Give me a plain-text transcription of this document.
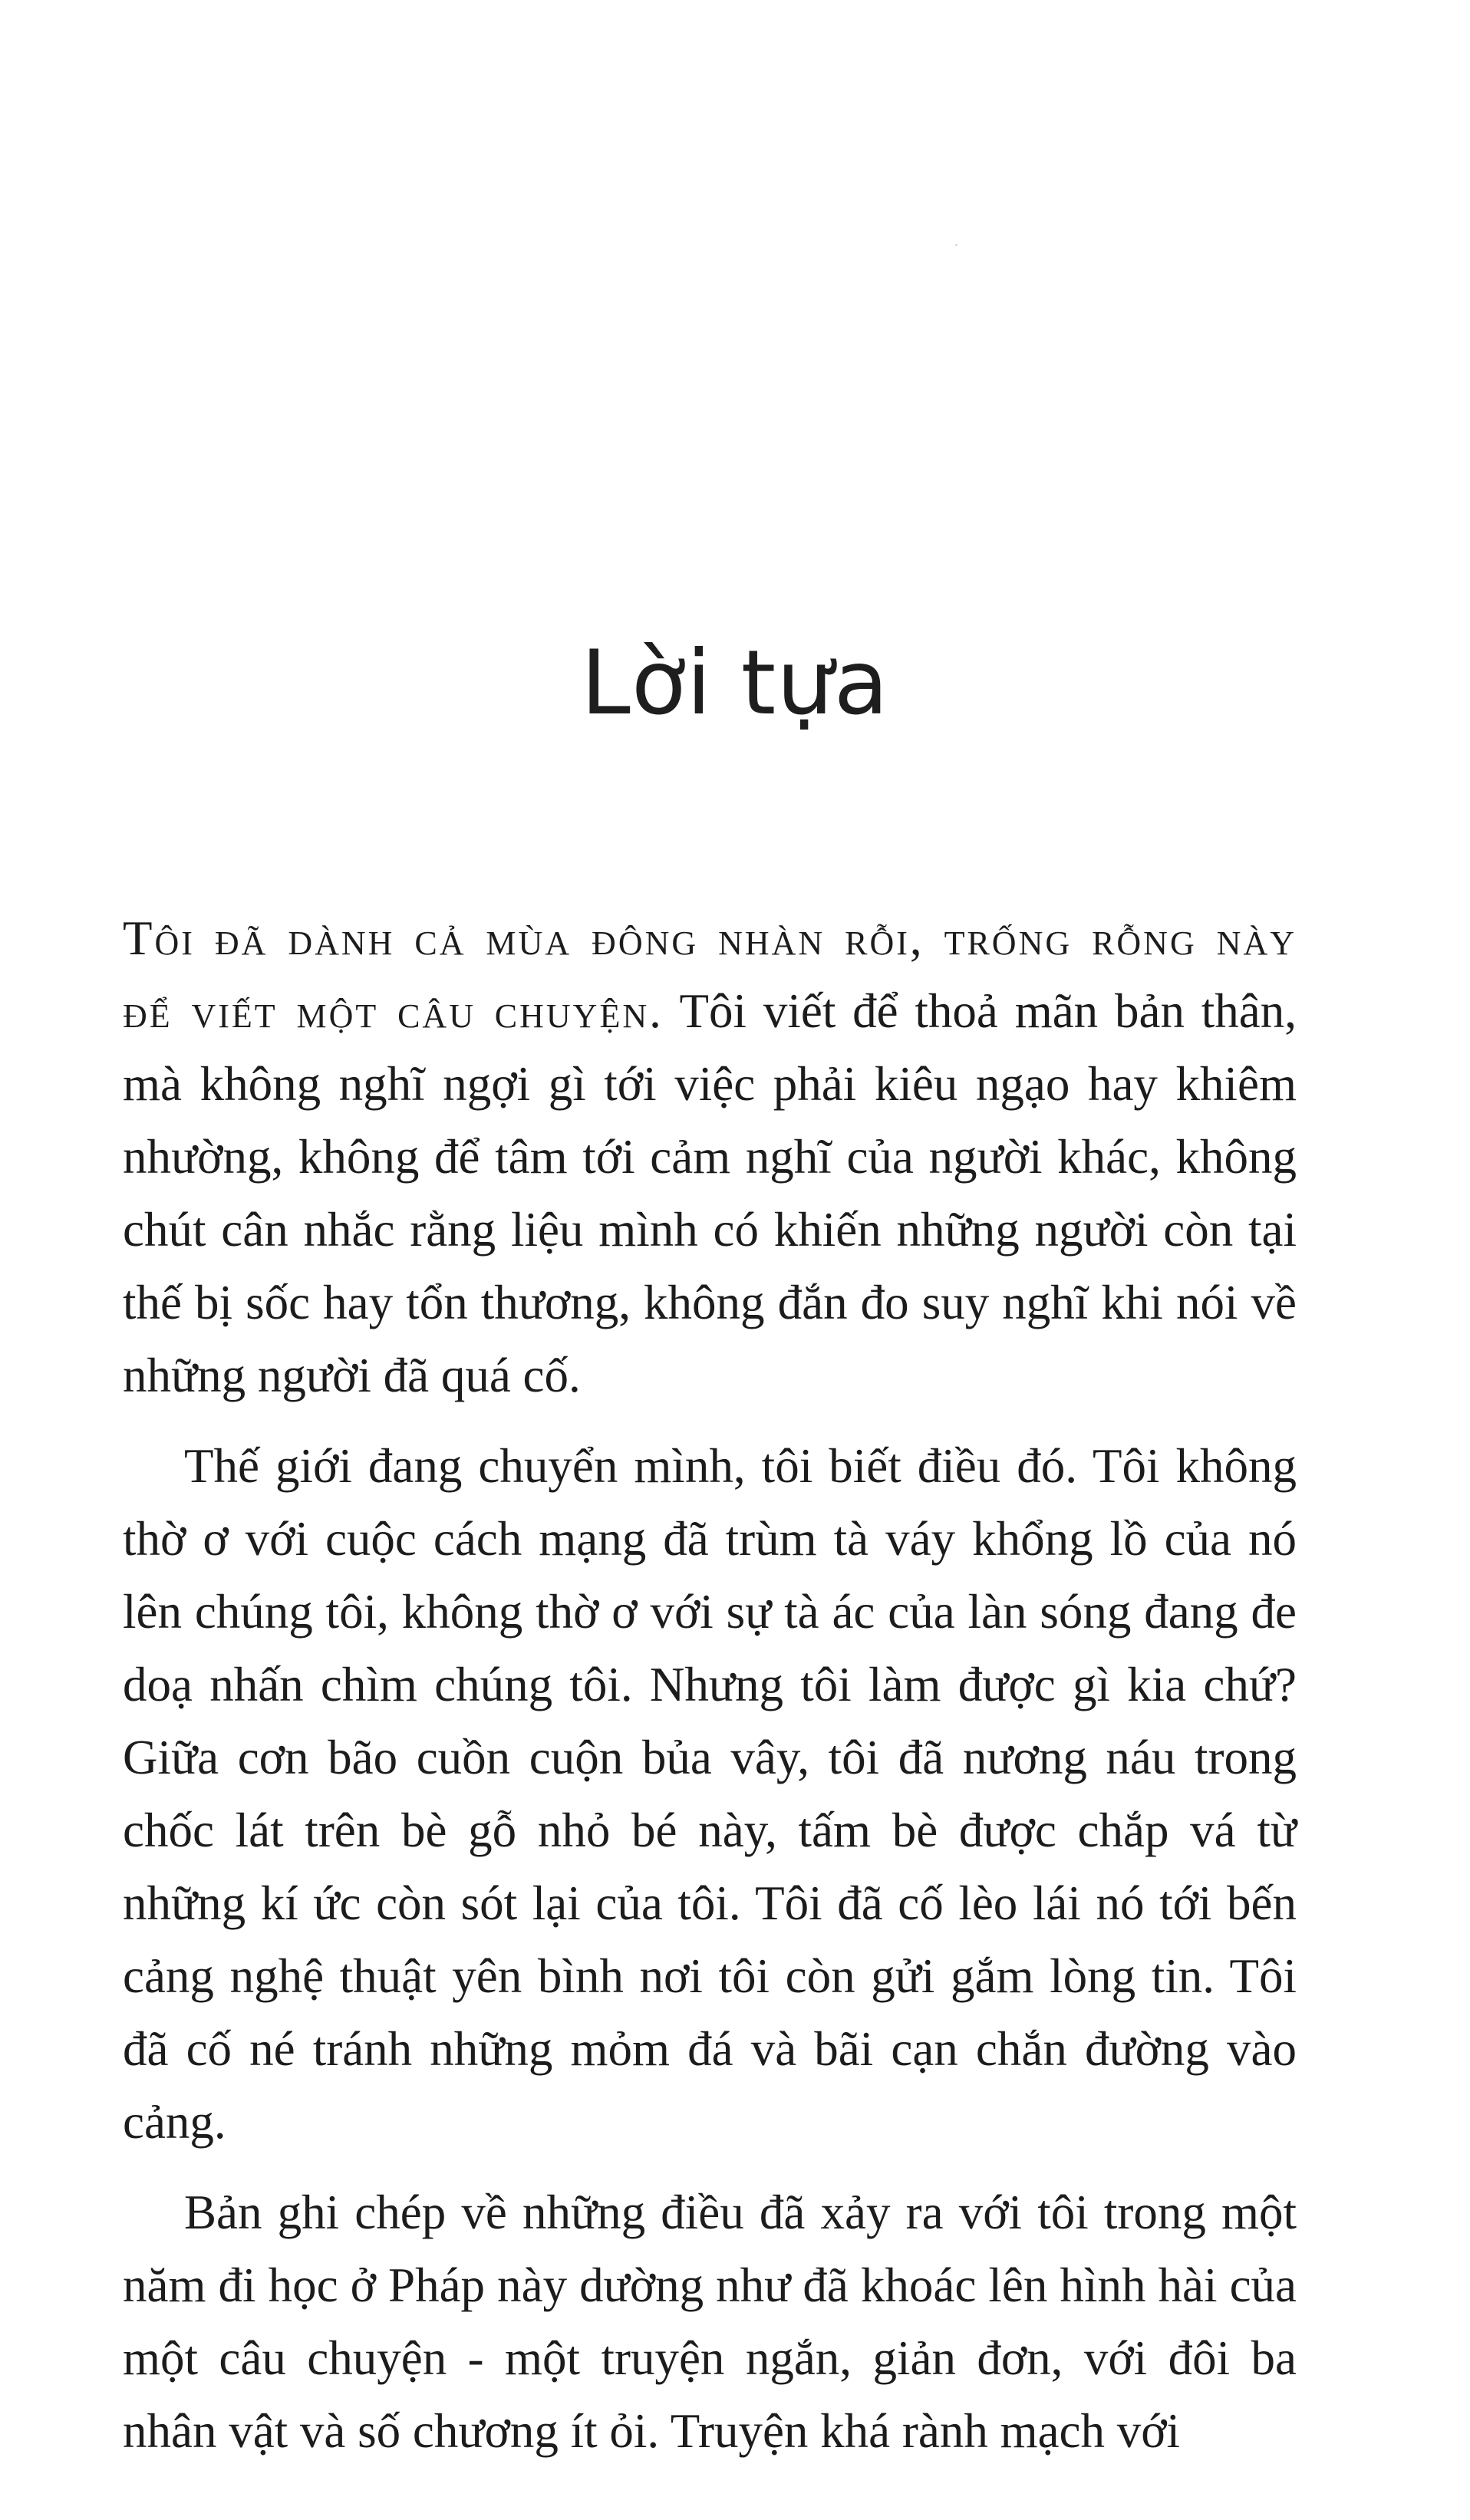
Lời tựa

Tôi đã dành cả mùa đông nhàn rỗi, trống rỗng này để viết một câu chuyện. Tôi viết để thoả mãn bản thân, mà không nghĩ ngợi gì tới việc phải kiêu ngạo hay khiêm nhường, không để tâm tới cảm nghĩ của người khác, không chút cân nhắc rằng liệu mình có khiến những người còn tại thế bị sốc hay tổn thương, không đắn đo suy nghĩ khi nói về những người đã quá cố.

Thế giới đang chuyển mình, tôi biết điều đó. Tôi không thờ ơ với cuộc cách mạng đã trùm tà váy khổng lồ của nó lên chúng tôi, không thờ ơ với sự tà ác của làn sóng đang đe doạ nhấn chìm chúng tôi. Nhưng tôi làm được gì kia chứ? Giữa cơn bão cuồn cuộn bủa vây, tôi đã nương náu trong chốc lát trên bè gỗ nhỏ bé này, tấm bè được chắp vá từ những kí ức còn sót lại của tôi. Tôi đã cố lèo lái nó tới bến cảng nghệ thuật yên bình nơi tôi còn gửi gắm lòng tin. Tôi đã cố né tránh những mỏm đá và bãi cạn chắn đường vào cảng.

Bản ghi chép về những điều đã xảy ra với tôi trong một năm đi học ở Pháp này dường như đã khoác lên hình hài của một câu chuyện - một truyện ngắn, giản đơn, với đôi ba nhân vật và số chương ít ỏi. Truyện khá rành mạch với
